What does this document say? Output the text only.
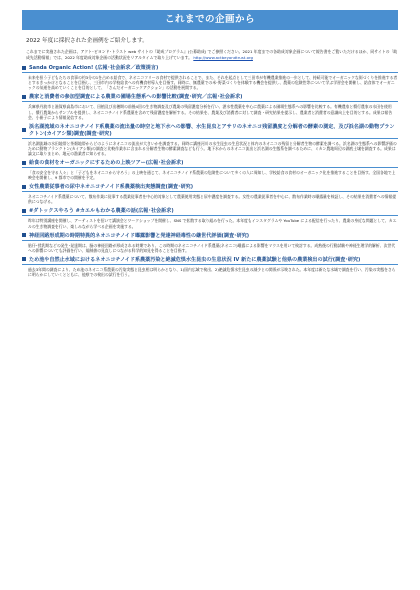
これまでの企画から
2022 年度に採択された企画例をご紹介します。
これまでに実施された企画は、アクト･ビヨンド･トラスト web サイトの『助成プログラム』(公募助成) でご参照ください。2021 年度までの各助成対象企画について報告書をご覧いただけるほか、同サイトの「助成先活動情報」では、2022 年度助成対象企画の活動状況をリアルタイムで取り上げています。 http://www.actbeyondtrust.org
Sanda Organic Action! (広報･社会訴求／政策提言)
未来を担う子どもたちの食事の約3分の1を占める給食で、ネオニコフリーの食材で提供されることで、また、それを起点として三田市が有機農業推進の一歩として、持続可能でオーガニックな街づくりを推進する者とするきっかけとなることを目指し、三田市内の学校給食への有機食材導入を目指す。同時に、無農薬での米･野菜づくりを体験する機会を提供し、農薬の危険性等について学ぶ学習会を開催し、給食体でオーガニックの気運を高めていくことを目的として、「さんだオーガニックアクション」の活動を展開する。
農家と消費者の参加型調査による農業の圃場生態系への影響比較(調査･研究／広報･社会訴求)
兵庫県丹波市と滋賀県高島市において、田植及び出穂期の前後4回の生き物調査及び農業の残留濃度分析を行い、湛水性農薬を中心に農薬による圃場生態系への影響を比較する。有機農家と慣行農家の水田を使用し、慣行農業からサンプルを提供し、ネオニコチノイド系農薬を含めて残留濃度を解析する。その結果を、農業及び消費者に対して調査・研究結果を提示し、農業者と消費者の意識向上を目的とする。成果は報告会、小冊子により情報発信する。
浜名湖流域のネオニコチノイド系農薬の流出量の時空と地下水への影響、水生昆虫とアサリのネオニコ残留濃度と分解者の酵素の測定、及び浜名湖の動物プランクトン(カイアシ類)調査(調査･研究)
浜名湖流域の水田地帯と茶畑地帯からどのようにネオニコの流出が大きいかを調査する。同時に講座河川の水生昆虫の生息状況と体内のネオニコの残留と分解者生物の酵素を調べる。浜名湖の生態系への影響評価のために動物プランクトン(カイアシ類)の調査と比較作業水に含まれる分解者生物の酵素調査なども行う。地下水からのネオニコ流出と浜名湖の生態系を調べるために、ミカン農地周辺の湖底土壌を調査する。成果は論文に取りまとめ、地元の漁業者に知らせる。
給食の食材をオーガニックにするための上映ツアー(広報･社会訴求)
「食の安全を守る人々」と「子どもをネオニコから守ろう」の上映を通じて、ネオニコチノイド系農薬の危険性について多くの人に周知し、学校給食の食材のオーガニック化を推進することを目指す。全国各地で上映会を開催し、9 都市での開催を予定。
女性農業従事者の尿中ネオニコチノイド系農薬検出実態調査(調査･研究)
ネオニコチノイド系農薬について、散布作業に従事する農業従事者を中心的対象として農薬使用実態と尿中濃度を調査する。女性の農業従事者を中心に、散布作業時の曝露量を検証し、その結果を消費者への情報提供につなげる。
#ダトックスやろう #カエルもわかる農薬の話(広報･社会訴求)
昨年は特別講座を開催し、アーティストを招いて講演会とワークショップを開催し、SNS で拡散する取り組みを行った。本年度もインスタグラムや YouTube による配信を行ったり、農業の身近な問題として、カエルの生き物調査を行い、楽しみながら学べる企画を実施する。
神経回路形成期の時期特異的ネオニコチノイド曝露影響と発達神経毒性の継世代評価(調査･研究)
胎仔･授乳期などの発生･発達期は、脳の神経回路が形成される時期であり、この時期のネオニコチノイド系農薬(ネオニコ)曝露による影響をマウスを用いて検討する。成熟後の行動試験や神経生理学的解析、次世代への影響についても評価を行い、規制値の見直しにつながる科学的知見を得ることを目指す。
ため池や自然止水域におけるネオニコチノイド系農薬汚染と絶滅危惧水生昆虫の生息状況 IV 新たに農薬試験と他県の農業検出の試行(調査･研究)
過去3年間の調査により、ため池のネオニコ系農薬の汚染実態と昆虫相は明らかとなり、1)国内広域で検出、2)絶滅危惧水生昆虫の減少との関係が示唆された。本年度は新たな水域で調査を行い、汚染の実態をさらに明らかにしていくとともに、他県での検出の試行を行う。
